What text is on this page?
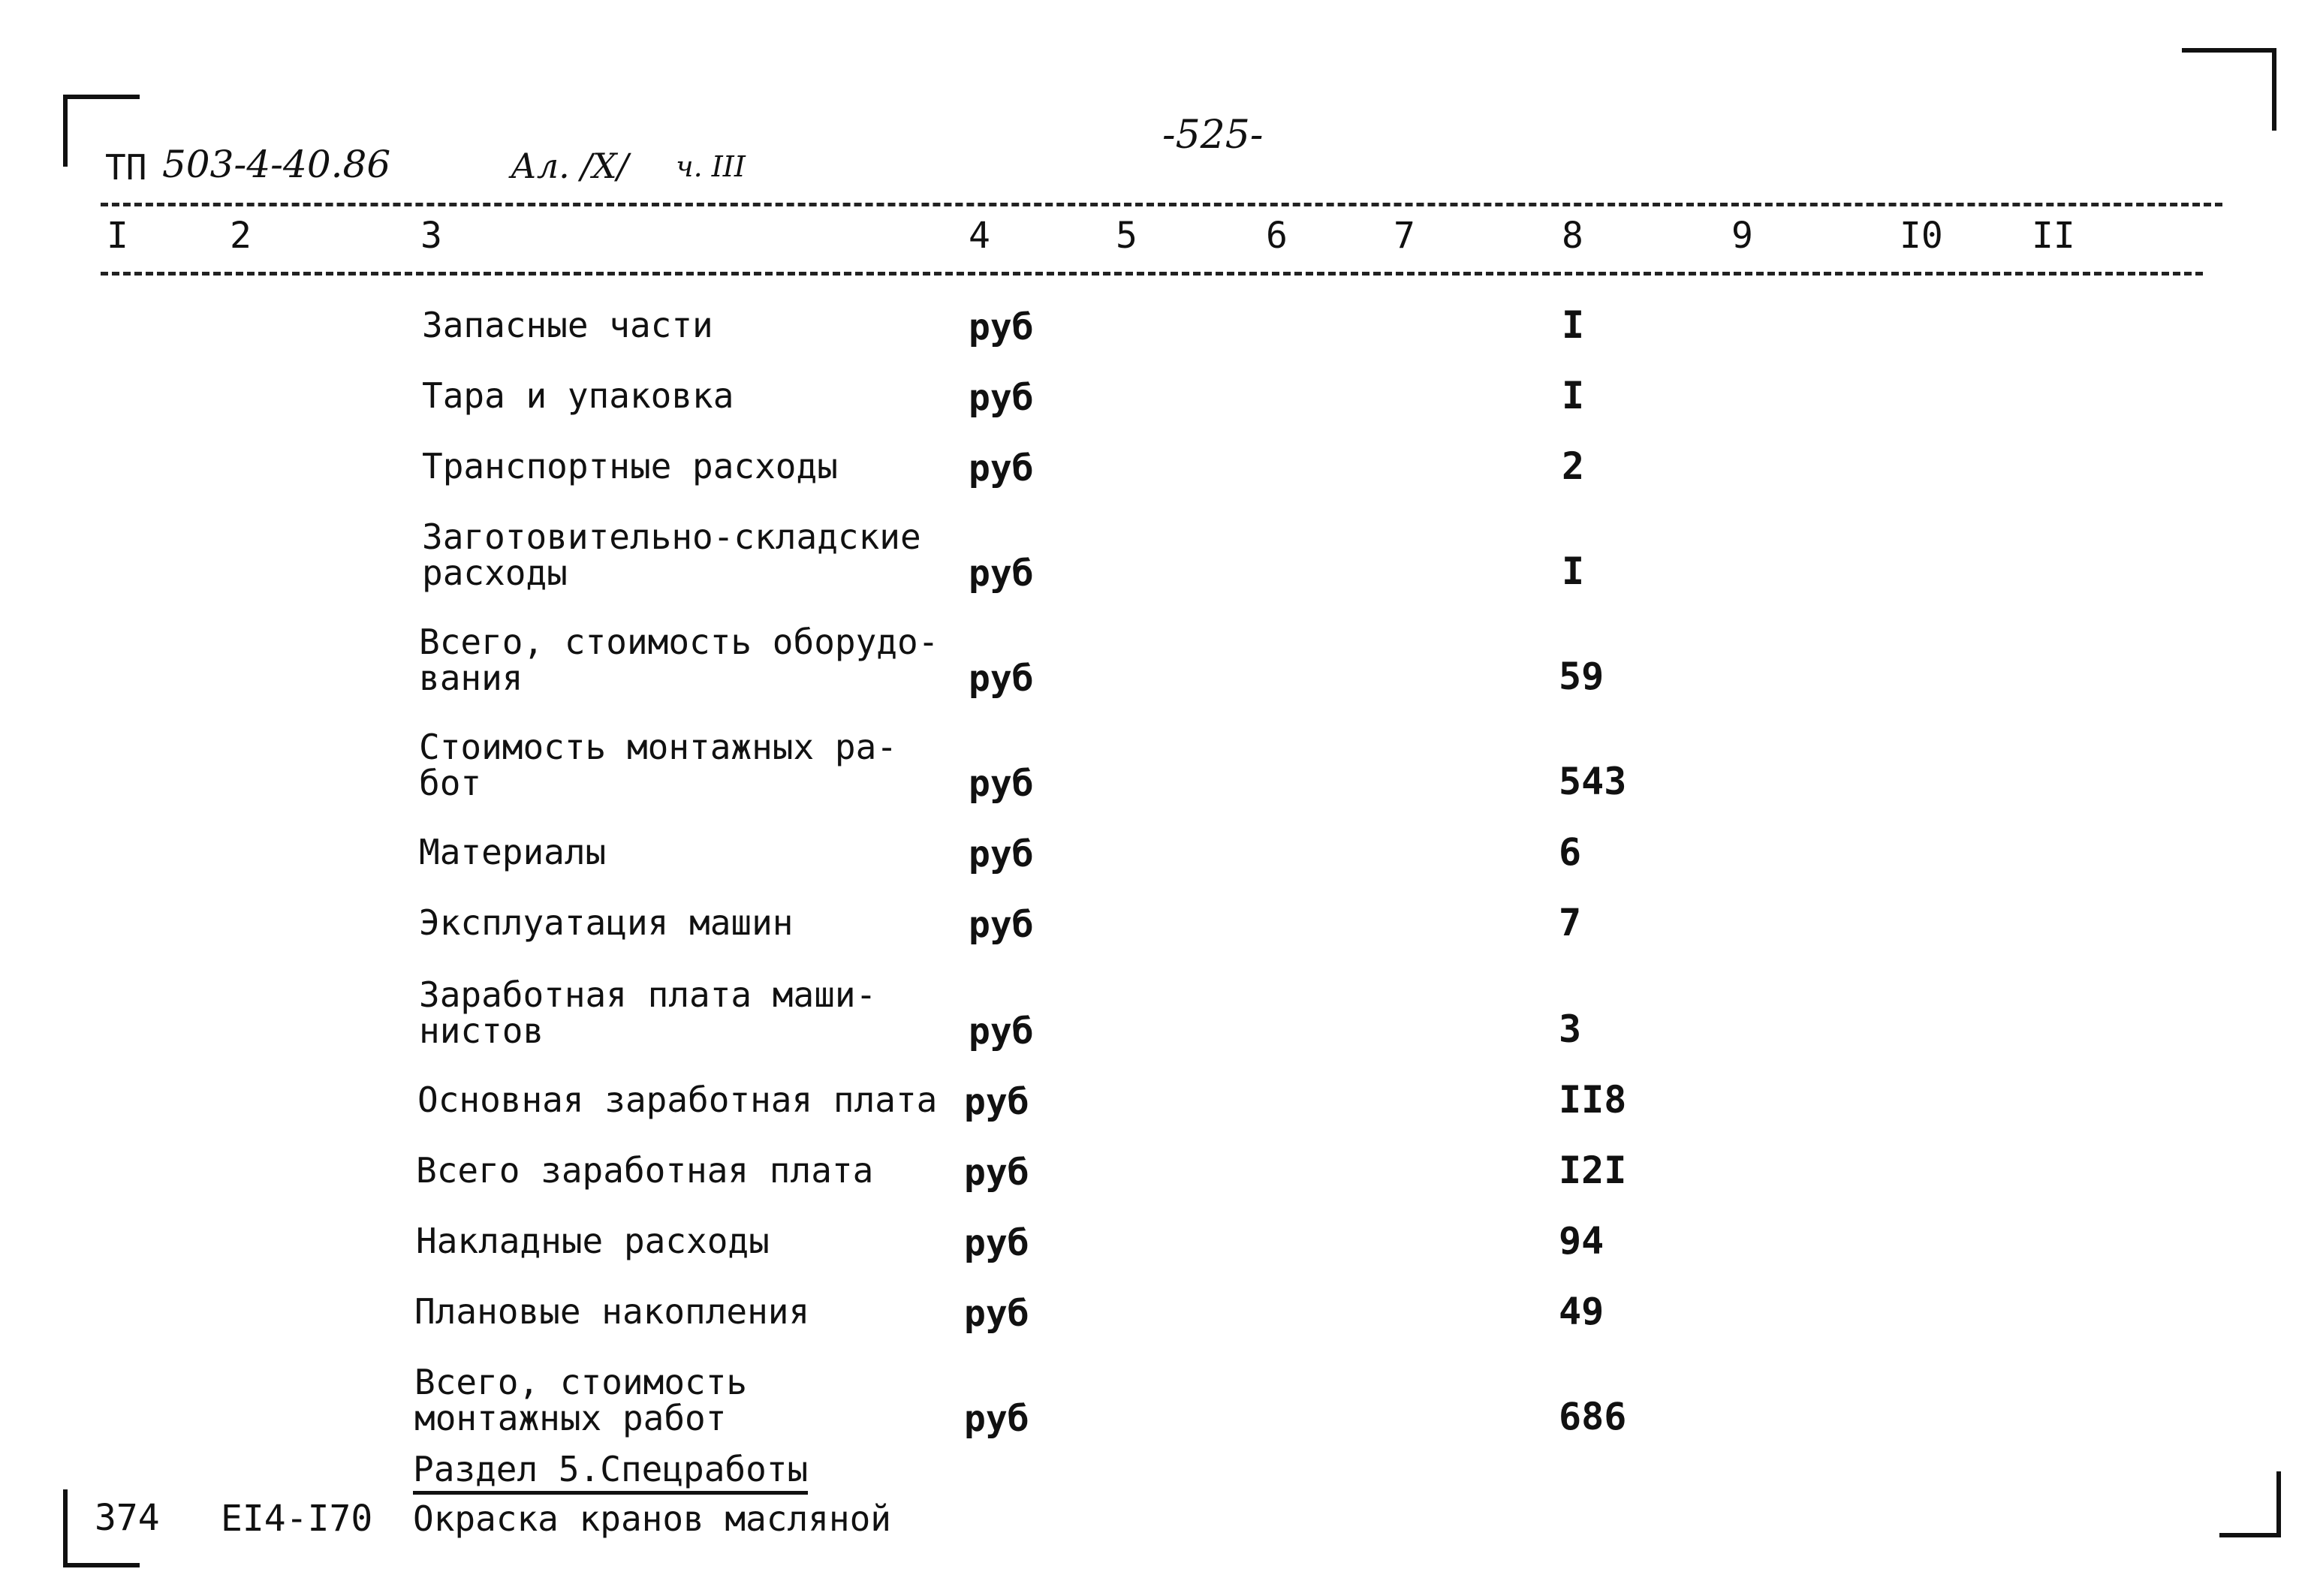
ТП 503-4-40.86	Ал. /Х/ ч. III
-525-
I	2	3	4	5	6	7	8	9	I0 II
Запасные части	руб	I
Тара и упаковка	руб	I
Транспортные расходы	руб	2
Заготовительно-складские
расходы	руб	I
Всего, стоимость оборудо-
вания	руб	59
Стоимость монтажных ра-
бот	руб	543
Материалы	руб	6
Эксплуатация машин	руб	7
Заработная плата маши-
нистов	руб	3
Основная заработная плата руб	II8
Всего заработная плата	руб	I2I
Накладные расходы	руб	94
Плановые накопления	руб	49
Всего, стоимость
монтажных работ	руб	686
Раздел 5.Спецработы
374 EI4-I70 Окраска кранов масляной
